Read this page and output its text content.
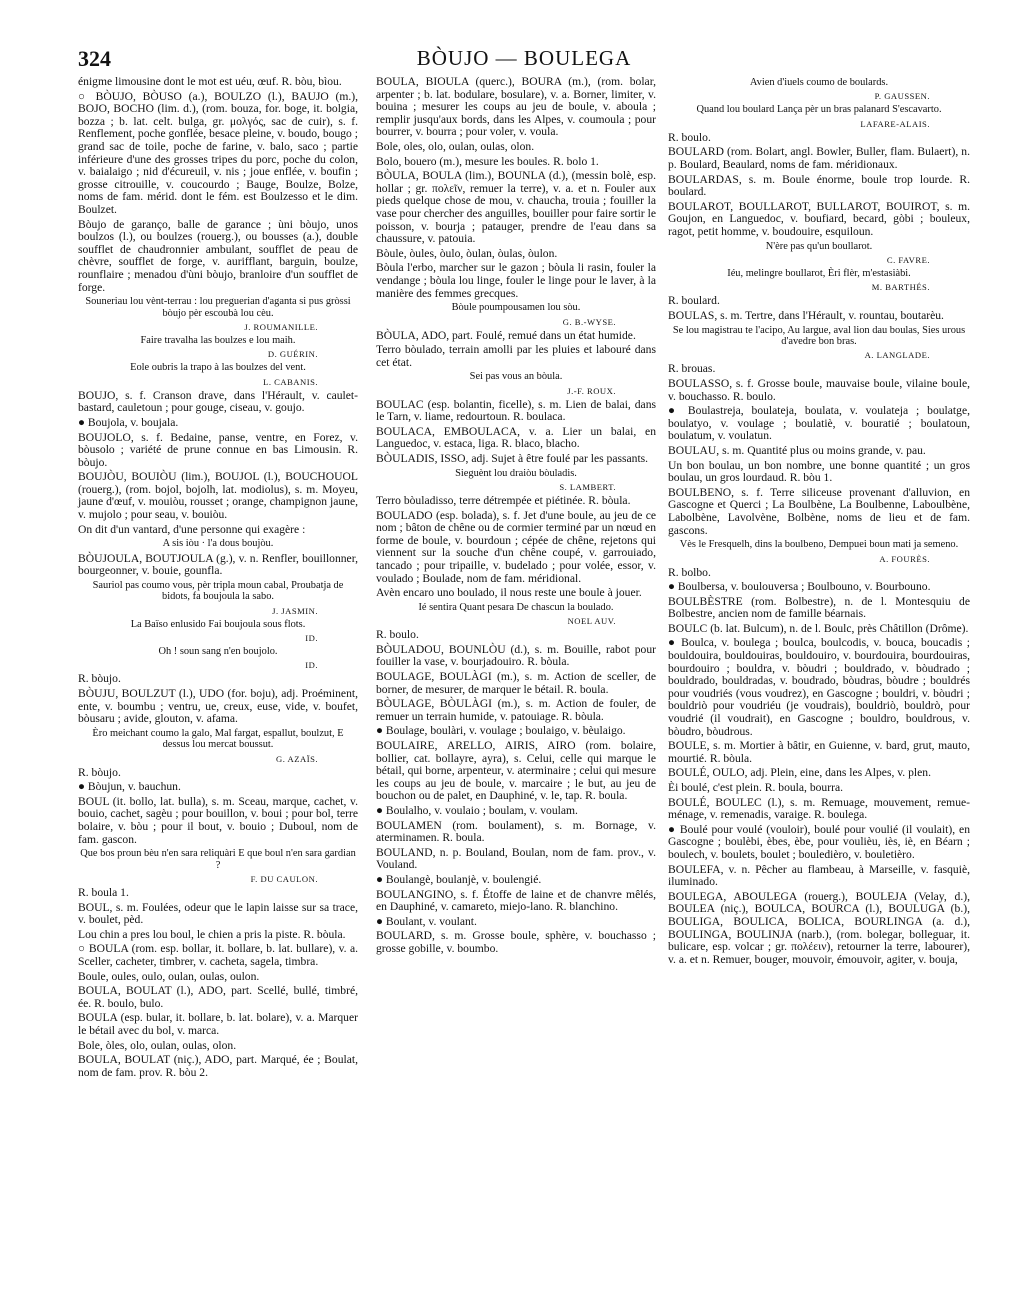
324	BÒUJO — BOULEGA
énigme limousine dont le mot est uéu, œuf. R. bòu, bìou.
○ BÒUJO, BÒUSO (a.), BOULZO (l.), BAUJO (m.), BOJO, BOCHO (lim. d.), (rom. bouza, for. boge, it. bolgia, bozza ; b. lat. celt. bulga, gr. μολγός, sac de cuir), s. f. Renflement, poche gonflée, besace pleine, v. boudo, bougo ; grand sac de toile, poche de farine, v. balo, saco ; partie inférieure d'une des grosses tripes du porc, poche du colon, v. baialaigo ; nid d'écureuil, v. nis ; joue enflée, v. boufin ; grosse citrouille, v. coucourdo ; Bauge, Boulze, Bolze, noms de fam. mérid. dont le fém. est Boulzesso et le dim. Boulzet.
Bòujo de garanço, balle de garance ; ùni bòujo, unos boulzos (l.), ou boulzes (rouerg.), ou bousses (a.), double soufflet de chaudronnier ambulant, soufflet de peau de chèvre, soufflet de forge, v. aurifflant, barguin, boulze, rounflaire ; menadou d'ùni bòujo, branloire d'un soufflet de forge.
Souneriau lou vènt-terrau : lou preguerian d'aganta si pus gròssi bòujo pèr escoubà lou cèu.
J. ROUMANILLE.
Faire travalha las boulzes e lou maih.
D. GUÉRIN.
Eole oubris la trapo à las boulzes del vent.
L. CABANIS.
BOUJO, s. f. Cranson drave, dans l'Hérault, v. caulet-bastard, cauletoun ; pour gouge, ciseau, v. goujo.
● Boujola, v. boujala.
BOUJOLO, s. f. Bedaine, panse, ventre, en Forez, v. bòusolo ; variété de prune connue en bas Limousin. R. bòujo.
BOUJÒU, BOUIÒU (lim.), BOUJOL (l.), BOUCHOUOL (rouerg.), (rom. bojol, bojolh, lat. modiolus), s. m. Moyeu, jaune d'œuf, v. mouiòu, rousset ; orange, champignon jaune, v. mujolo ; pour seau, v. bouiòu.
On dit d'un vantard, d'une personne qui exagère :
A sis iòu · l'a dous boujòu.
BÒUJOULA, BOUTJOULA (g.), v. n. Renfler, bouillonner, bourgeonner, v. bouie, gounfla.
Sauriol pas coumo vous, pèr tripla moun cabal, Proubatja de bidots, fa boujoula la sabo.
J. JASMIN.
La Baïso enlusido Fai boujoula sous flots.
ID.
Oh ! soun sang n'en boujolo.
ID.
R. bòujo.
BÒUJU, BOULZUT (l.), UDO (for. boju), adj. Proéminent, ente, v. boumbu ; ventru, ue, creux, euse, vide, v. boufet, bòusaru ; avide, glouton, v. afama.
Èro meichant coumo la galo, Mal fargat, espallut, boulzut, E dessus lou mercat boussut.
G. AZAÏS.
R. bòujo.
● Bòujun, v. bauchun.
BOUL (it. bollo, lat. bulla), s. m. Sceau, marque, cachet, v. bouio, cachet, sagèu ; pour bouillon, v. boui ; pour bol, terre bolaire, v. bòu ; pour il bout, v. bouio ; Duboul, nom de fam. gascon.
Que bos proun bèu n'en sara reliquàri E que boul n'en sara gardian ?
F. DU CAULON.
R. boula 1.
BOUL, s. m. Foulées, odeur que le lapin laisse sur sa trace, v. boulet, pèd.
Lou chin a pres lou boul, le chien a pris la piste. R. bòula.
○ BOULA (rom. esp. bollar, it. bollare, b. lat. bullare), v. a. Sceller, cacheter, timbrer, v. cacheta, sagela, timbra.
Boule, oules, oulo, oulan, oulas, oulon.
BOULA, BOULAT (l.), ADO, part. Scellé, bullé, timbré, ée. R. boulo, bulo.
BOULA (esp. bular, it. bollare, b. lat. bolare), v. a. Marquer le bétail avec du bol, v. marca.
Bole, òles, olo, oulan, oulas, olon.
BOULA, BOULAT (niç.), ADO, part. Marqué, ée ; Boulat, nom de fam. prov. R. bòu 2.
BOULA, BIOULA (querc.), BOURA (m.), (rom. bolar, arpenter ; b. lat. bodulare, bosulare), v. a. Borner, limiter, v. bouina ; mesurer les coups au jeu de boule, v. aboula ; remplir jusqu'aux bords, dans les Alpes, v. coumoula ; pour bourrer, v. bourra ; pour voler, v. voula.
Bole, oles, olo, oulan, oulas, olon.
Bolo, bouero (m.), mesure les boules. R. bolo 1.
BÒULA, BOULA (lim.), BOUNLA (d.), (messin bolè, esp. hollar ; gr. πολεῖν, remuer la terre), v. a. et n. Fouler aux pieds quelque chose de mou, v. chaucha, trouia ; fouiller la vase pour chercher des anguilles, bouiller pour faire sortir le poisson, v. bourja ; patauger, prendre de l'eau dans sa chaussure, v. patouia.
Bòule, òules, òulo, òulan, òulas, òulon.
Bòula l'erbo, marcher sur le gazon ; bòula li rasin, fouler la vendange ; bòula lou linge, fouler le linge pour le laver, à la manière des femmes grecques.
Bòule poumpousamen lou sòu.
G. B.-WYSE.
BÒULA, ADO, part. Foulé, remué dans un état humide.
Terro bòulado, terrain amolli par les pluies et labouré dans cet état.
Sei pas vous an bòula.
J.-F. ROUX.
BOULAC (esp. bolantin, ficelle), s. m. Lien de balai, dans le Tarn, v. liame, redourtoun. R. boulaca.
BOULACA, EMBOULACA, v. a. Lier un balai, en Languedoc, v. estaca, liga. R. blaco, blacho.
BÒULADIS, ISSO, adj. Sujet à être foulé par les passants.
Sieguènt lou draiòu bòuladis.
S. LAMBERT.
Terro bòuladisso, terre détrempée et piétinée. R. bòula.
BOULADO (esp. bolada), s. f. Jet d'une boule, au jeu de ce nom ; bâton de chêne ou de cormier terminé par un nœud en forme de boule, v. bourdoun ; cépée de chêne, rejetons qui viennent sur la souche d'un chêne coupé, v. garrouiado, tancado ; pour tripaille, v. budelado ; pour volée, essor, v. voulado ; Boulade, nom de fam. méridional.
Avèn encaro uno boulado, il nous reste une boule à jouer.
Ié sentira Quant pesara De chascun la boulado.
NOEL AUV.
R. boulo.
BÒULADOU, BOUNLÒU (d.), s. m. Bouille, rabot pour fouiller la vase, v. bourjadouiro. R. bòula.
BOULAGE, BOULÀGI (m.), s. m. Action de sceller, de borner, de mesurer, de marquer le bétail. R. boula.
BÒULAGE, BÒULÀGI (m.), s. m. Action de fouler, de remuer un terrain humide, v. patouiage. R. bòula.
● Boulage, boulàri, v. voulage ; boulaigo, v. bèulaigo.
BOULAIRE, ARELLO, AIRIS, AIRO (rom. bolaire, bollier, cat. bollayre, ayra), s. Celui, celle qui marque le bétail, qui borne, arpenteur, v. aterminaire ; celui qui mesure les coups au jeu de boule, v. marcaire ; le but, au jeu de bouchon ou de palet, en Dauphiné, v. le, tap. R. boula.
● Boulalho, v. voulaio ; boulam, v. voulam.
BOULAMEN (rom. boulament), s. m. Bornage, v. aterminamen. R. boula.
BOULAND, n. p. Bouland, Boulan, nom de fam. prov., v. Vouland.
● Boulangè, boulanjè, v. boulengié.
BOULANGINO, s. f. Étoffe de laine et de chanvre mêlés, en Dauphiné, v. camareto, miejo-lano. R. blanchino.
● Boulant, v. voulant.
BOULARD, s. m. Grosse boule, sphère, v. bouchasso ; grosse gobille, v. boumbo.
Avien d'iuels coumo de boulards.
P. GAUSSEN.
Quand lou boulard Lança pèr un bras palanard S'escavarto.
LAFARE-ALAIS.
R. boulo.
BOULARD (rom. Bolart, angl. Bowler, Buller, flam. Bulaert), n. p. Boulard, Beaulard, noms de fam. méridionaux.
BOULARDAS, s. m. Boule énorme, boule trop lourde. R. boulard.
BOULAROT, BOULLAROT, BULLAROT, BOUIROT, s. m. Goujon, en Languedoc, v. boufiard, becard, gòbi ; bouleux, ragot, petit homme, v. boudouire, esquiloun.
N'ère pas qu'un boullarot.
C. FAVRE.
Iéu, melingre boullarot, Èri flèr, m'estasiàbi.
M. BARTHÉS.
R. boulard.
BOULAS, s. m. Tertre, dans l'Hérault, v. rountau, boutarèu.
Se lou magistrau te l'acipo, Au largue, aval lion dau boulas, Sies urous d'avedre bon bras.
A. LANGLADE.
R. brouas.
BOULASSO, s. f. Grosse boule, mauvaise boule, vilaine boule, v. bouchasso. R. boulo.
● Boulastreja, boulateja, boulata, v. voulateja ; boulatge, boulatyo, v. voulage ; boulatiè, v. bouratié ; boulatoun, boulatum, v. voulatun.
BOULAU, s. m. Quantité plus ou moins grande, v. pau.
Un bon boulau, un bon nombre, une bonne quantité ; un gros boulau, un gros lourdaud. R. bòu 1.
BOULBENO, s. f. Terre siliceuse provenant d'alluvion, en Gascogne et Querci ; La Boulbène, La Boulbenne, Laboulbène, Labolbène, Lavolvène, Bolbène, noms de lieu et de fam. gascons.
Vès le Fresquelh, dins la boulbeno, Dempuei boun mati ja semeno.
A. FOURÈS.
R. bolbo.
● Boulbersa, v. boulouversa ; Boulbouno, v. Bourbouno.
BOULBÈSTRE (rom. Bolbestre), n. de l. Montesquiu de Bolbestre, ancien nom de famille béarnais.
BOULC (b. lat. Bulcum), n. de l. Boulc, près Châtillon (Drôme).
● Boulca, v. boulega ; boulca, boulcodis, v. bouca, boucadis ; bouldouira, bouldouiras, bouldouiro, v. bourdouira, bourdouiras, bourdouiro ; bouldra, v. bòudri ; bouldrado, v. bòudrado ; bouldrado, bouldradas, v. boudrado, bòudras, bòudre ; bouldrés pour voudriés (vous voudrez), en Gascogne ; bouldri, v. bòudri ; bouldriò pour voudriéu (je voudrais), bouldriò, bouldrò, pour voudrié (il voudrait), en Gascogne ; bouldro, bouldrous, v. bòudro, bòudrous.
BOULE, s. m. Mortier à bâtir, en Guienne, v. bard, grut, mauto, mourtié. R. bòula.
BOULÉ, OULO, adj. Plein, eine, dans les Alpes, v. plen.
Èi boulé, c'est plein. R. boula, bourra.
BOULÉ, BOULEC (l.), s. m. Remuage, mouvement, remue-ménage, v. remenadis, varaige. R. boulega.
● Boulé pour voulé (vouloir), boulé pour voulié (il voulait), en Gascogne ; boulèbi, èbes, èbe, pour voulièu, iès, iè, en Béarn ; boulech, v. boulets, boulet ; bouledièro, v. bouletièro.
BOULEFA, v. n. Pêcher au flambeau, à Marseille, v. fasquiè, iluminado.
BOULEGA, ABOULEGA (rouerg.), BOULEJA (Velay, d.), BOULEA (niç.), BOULCA, BOURCA (l.), BOULUGA (b.), BOULIGA, BOULICA, BOLICA, BOURLINGA (a. d.), BOULINGA, BOULINJA (narb.), (rom. bolegar, bolleguar, it. bulicare, esp. volcar ; gr. πολέειν), retourner la terre, labourer), v. a. et n. Remuer, bouger, mouvoir, émouvoir, agiter, v. bouja,
